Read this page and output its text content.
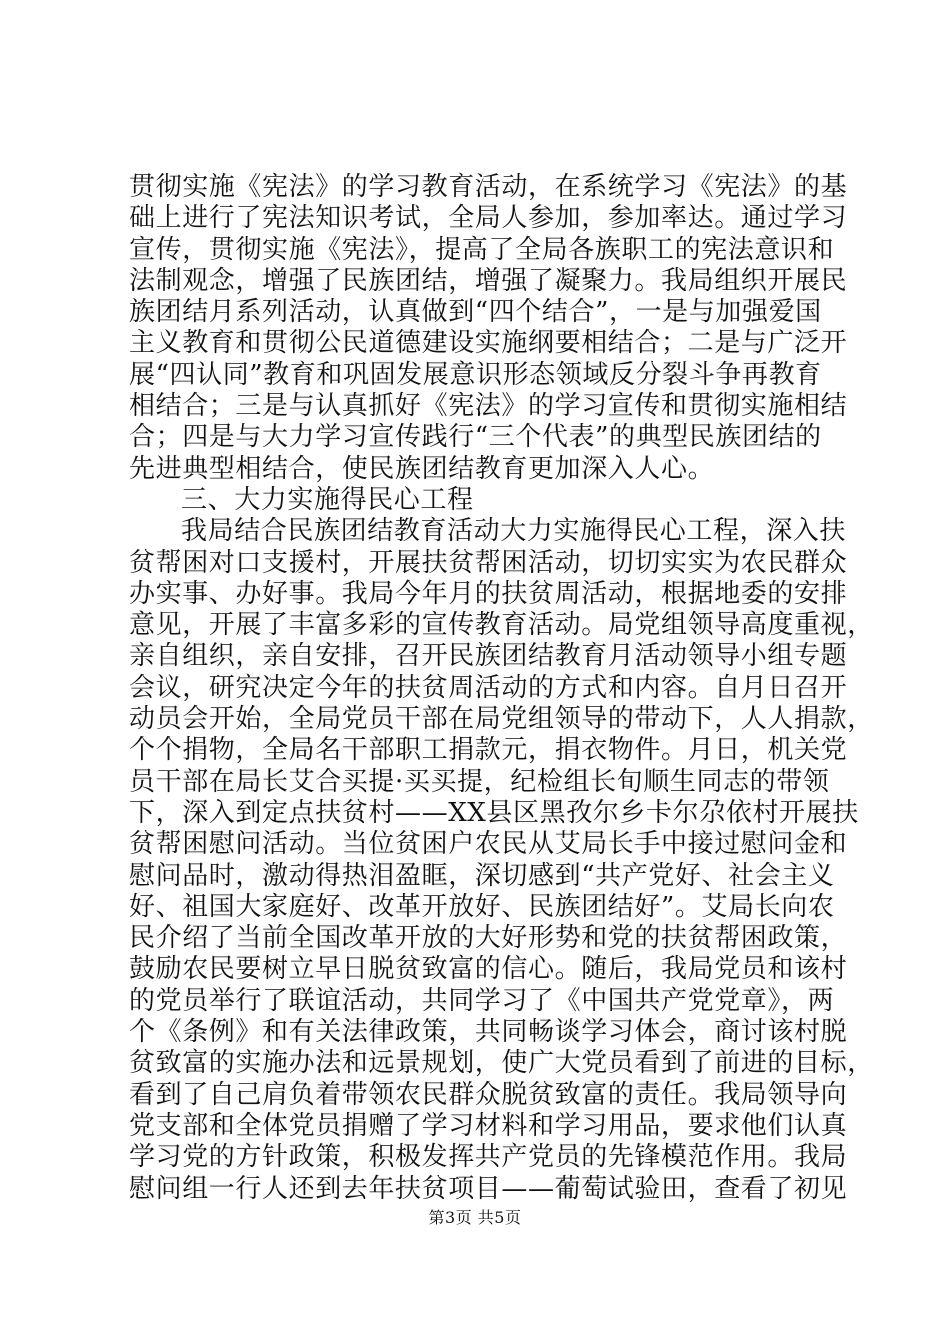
贯彻实施《宪法》的学习教育活动，在系统学习《宪法》的基
础上进行了宪法知识考试，全局人参加，参加率达。通过学习
宣传，贯彻实施《宪法》，提高了全局各族职工的宪法意识和
法制观念，增强了民族团结，增强了凝聚力。我局组织开展民
族团结月系列活动，认真做到“四个结合”，一是与加强爱国
主义教育和贯彻公民道德建设实施纲要相结合；二是与广泛开
展“四认同”教育和巩固发展意识形态领域反分裂斗争再教育
相结合；三是与认真抓好《宪法》的学习宣传和贯彻实施相结
合；四是与大力学习宣传践行“三个代表”的典型民族团结的
先进典型相结合，使民族团结教育更加深入人心。
三、大力实施得民心工程
我局结合民族团结教育活动大力实施得民心工程，深入扶
贫帮困对口支援村，开展扶贫帮困活动，切切实实为农民群众
办实事、办好事。我局今年月的扶贫周活动，根据地委的安排
意见，开展了丰富多彩的宣传教育活动。局党组领导高度重视，
亲自组织，亲自安排，召开民族团结教育月活动领导小组专题
会议，研究决定今年的扶贫周活动的方式和内容。自月日召开
动员会开始，全局党员干部在局党组领导的带动下，人人捐款，
个个捐物，全局名干部职工捐款元，捐衣物件。月日，机关党
员干部在局长艾合买提·买买提，纪检组长旬顺生同志的带领
下，深入到定点扶贫村——XX县区黑孜尔乡卡尔尕依村开展扶
贫帮困慰问活动。当位贫困户农民从艾局长手中接过慰问金和
慰问品时，激动得热泪盈眶，深切感到“共产党好、社会主义
好、祖国大家庭好、改革开放好、民族团结好”。艾局长向农
民介绍了当前全国改革开放的大好形势和党的扶贫帮困政策，
鼓励农民要树立早日脱贫致富的信心。随后，我局党员和该村
的党员举行了联谊活动，共同学习了《中国共产党党章》，两
个《条例》和有关法律政策，共同畅谈学习体会，商讨该村脱
贫致富的实施办法和远景规划，使广大党员看到了前进的目标，
看到了自己肩负着带领农民群众脱贫致富的责任。我局领导向
党支部和全体党员捐赠了学习材料和学习用品，要求他们认真
学习党的方针政策，积极发挥共产党员的先锋模范作用。我局
慰问组一行人还到去年扶贫项目——葡萄试验田，查看了初见
第3页 共5页
